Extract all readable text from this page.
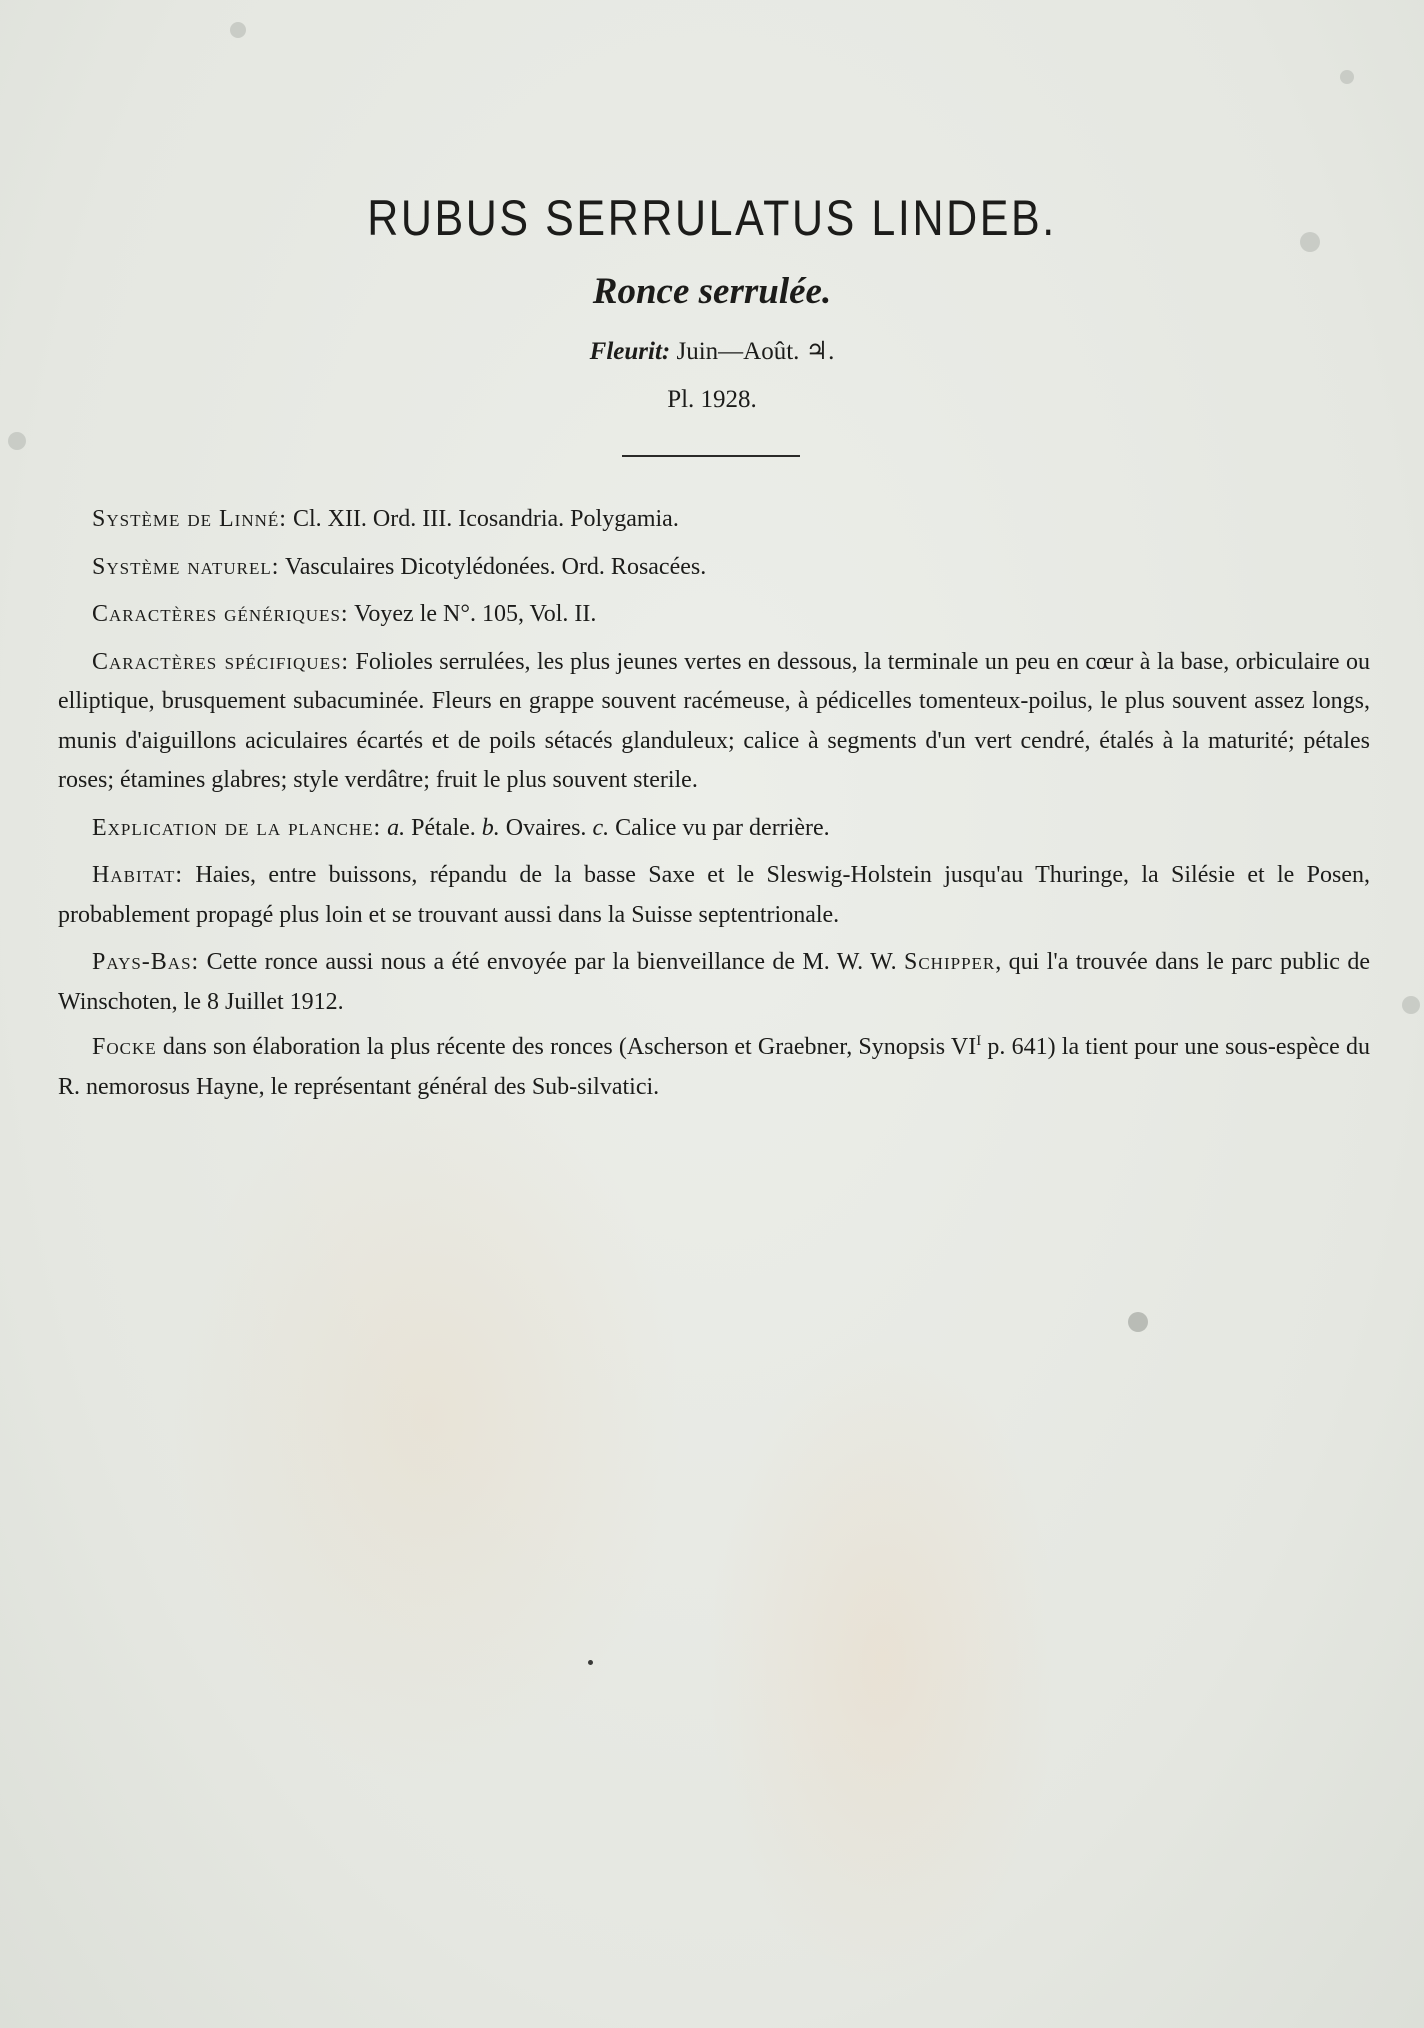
RUBUS SERRULATUS LINDEB.
Ronce serrulée.
Fleurit: Juin—Août. ♃.
Pl. 1928.

Système de Linné: Cl. XII. Ord. III. Icosandria. Polygamia.

Système naturel: Vasculaires Dicotylédonées. Ord. Rosacées.

Caractères génériques: Voyez le N°. 105, Vol. II.

Caractères spécifiques: Folioles serrulées, les plus jeunes vertes en dessous, la terminale un peu en cœur à la base, orbiculaire ou elliptique, brusquement subacuminée. Fleurs en grappe souvent racémeuse, à pédicelles tomenteux-poilus, le plus souvent assez longs, munis d'aiguillons aciculaires écartés et de poils sétacés glanduleux; calice à segments d'un vert cendré, étalés à la maturité; pétales roses; étamines glabres; style verdâtre; fruit le plus souvent sterile.

Explication de la planche: a. Pétale. b. Ovaires. c. Calice vu par derrière.

Habitat: Haies, entre buissons, répandu de la basse Saxe et le Sleswig-Holstein jusqu'au Thuringe, la Silésie et le Posen, probablement propagé plus loin et se trouvant aussi dans la Suisse septentrionale.

Pays-Bas: Cette ronce aussi nous a été envoyée par la bienveillance de M. W. W. Schipper, qui l'a trouvée dans le parc public de Winschoten, le 8 Juillet 1912.

Focke dans son élaboration la plus récente des ronces (Ascherson et Graebner, Synopsis $VI^I$ p. 641) la tient pour une sous-espèce du R. nemorosus Hayne, le représentant général des Sub-silvatici.
